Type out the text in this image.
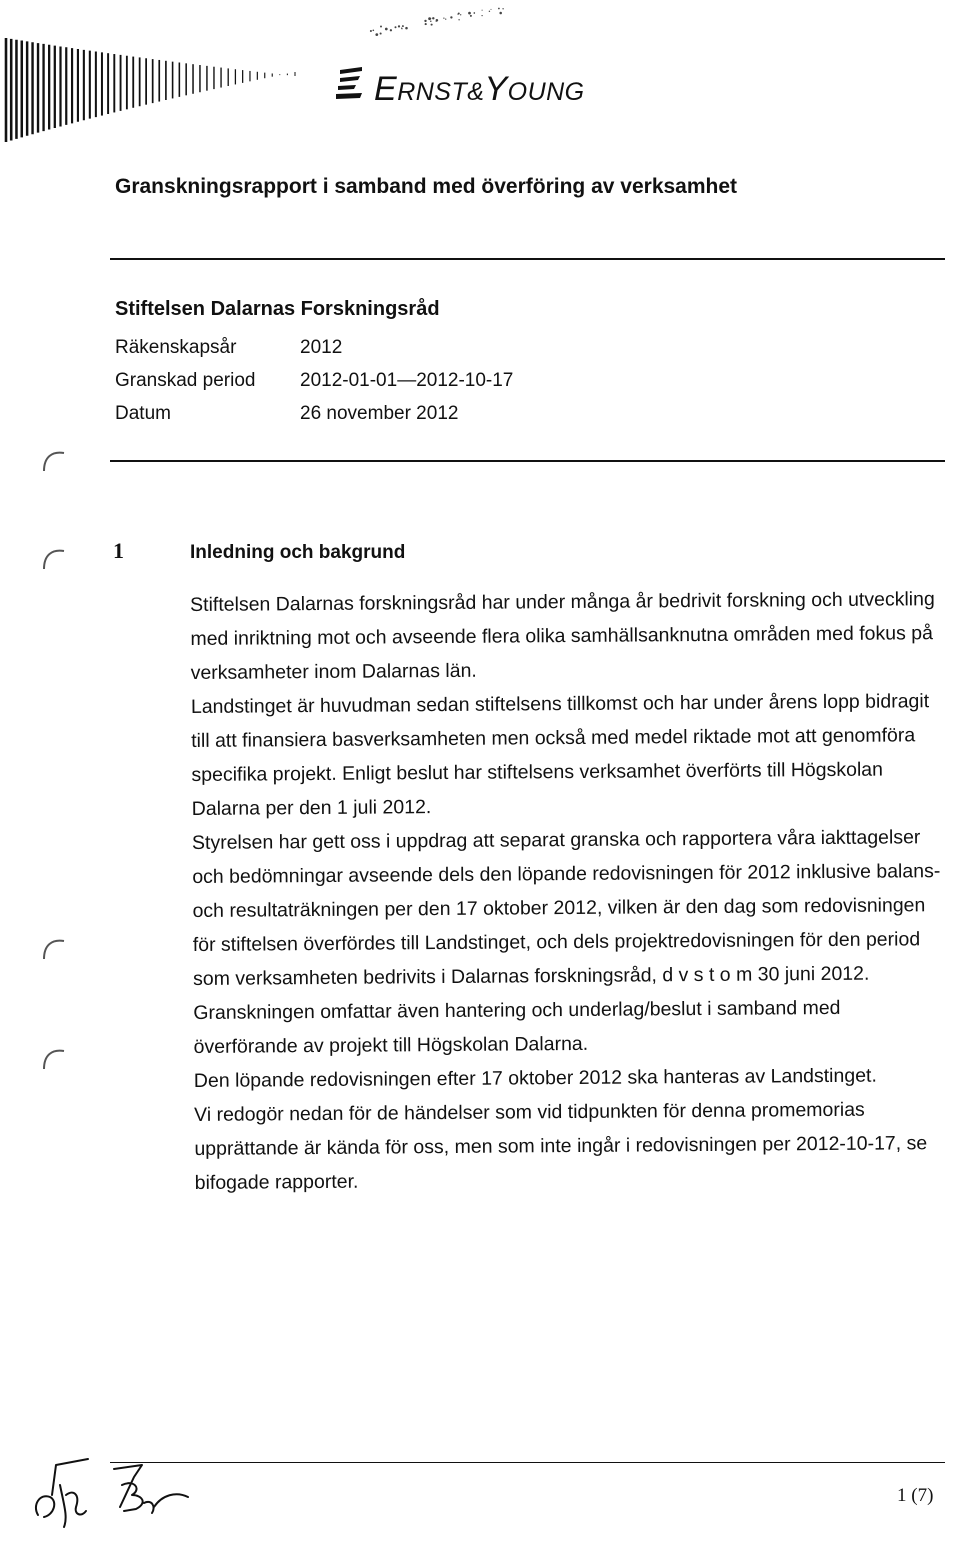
ERNST&YOUNG
Granskningsrapport i samband med överföring av verksamhet
Stiftelsen Dalarnas Forskningsråd
Räkenskapsår	2012
Granskad period 2012-01-01—2012-10-17
Datum	26 november 2012
1	Inledning och bakgrund

Stiftelsen Dalarnas forskningsråd har under många år bedrivit forskning och utveckling med inriktning mot och avseende flera olika samhällsanknutna områden med fokus på verksamheter inom Dalarnas län.

Landstinget är huvudman sedan stiftelsens tillkomst och har under årens lopp bidragit till att finansiera basverksamheten men också med medel riktade mot att genomföra specifika projekt. Enligt beslut har stiftelsens verksamhet överförts till Högskolan Dalarna per den 1 juli 2012.

Styrelsen har gett oss i uppdrag att separat granska och rapportera våra iakttagelser och bedömningar avseende dels den löpande redovisningen för 2012 inklusive balans- och resultaträkningen per den 17 oktober 2012, vilken är den dag som redovisningen för stiftelsen överfördes till Landstinget, och dels projektredovisningen för den period som verksamheten bedrivits i Dalarnas forskningsråd, d v s t o m 30 juni 2012. Granskningen omfattar även hantering och underlag/beslut i samband med överförande av projekt till Högskolan Dalarna.

Den löpande redovisningen efter 17 oktober 2012 ska hanteras av Landstinget.

Vi redogör nedan för de händelser som vid tidpunkten för denna promemorias upprättande är kända för oss, men som inte ingår i redovisningen per 2012-10-17, se bifogade rapporter.

1 (7)
